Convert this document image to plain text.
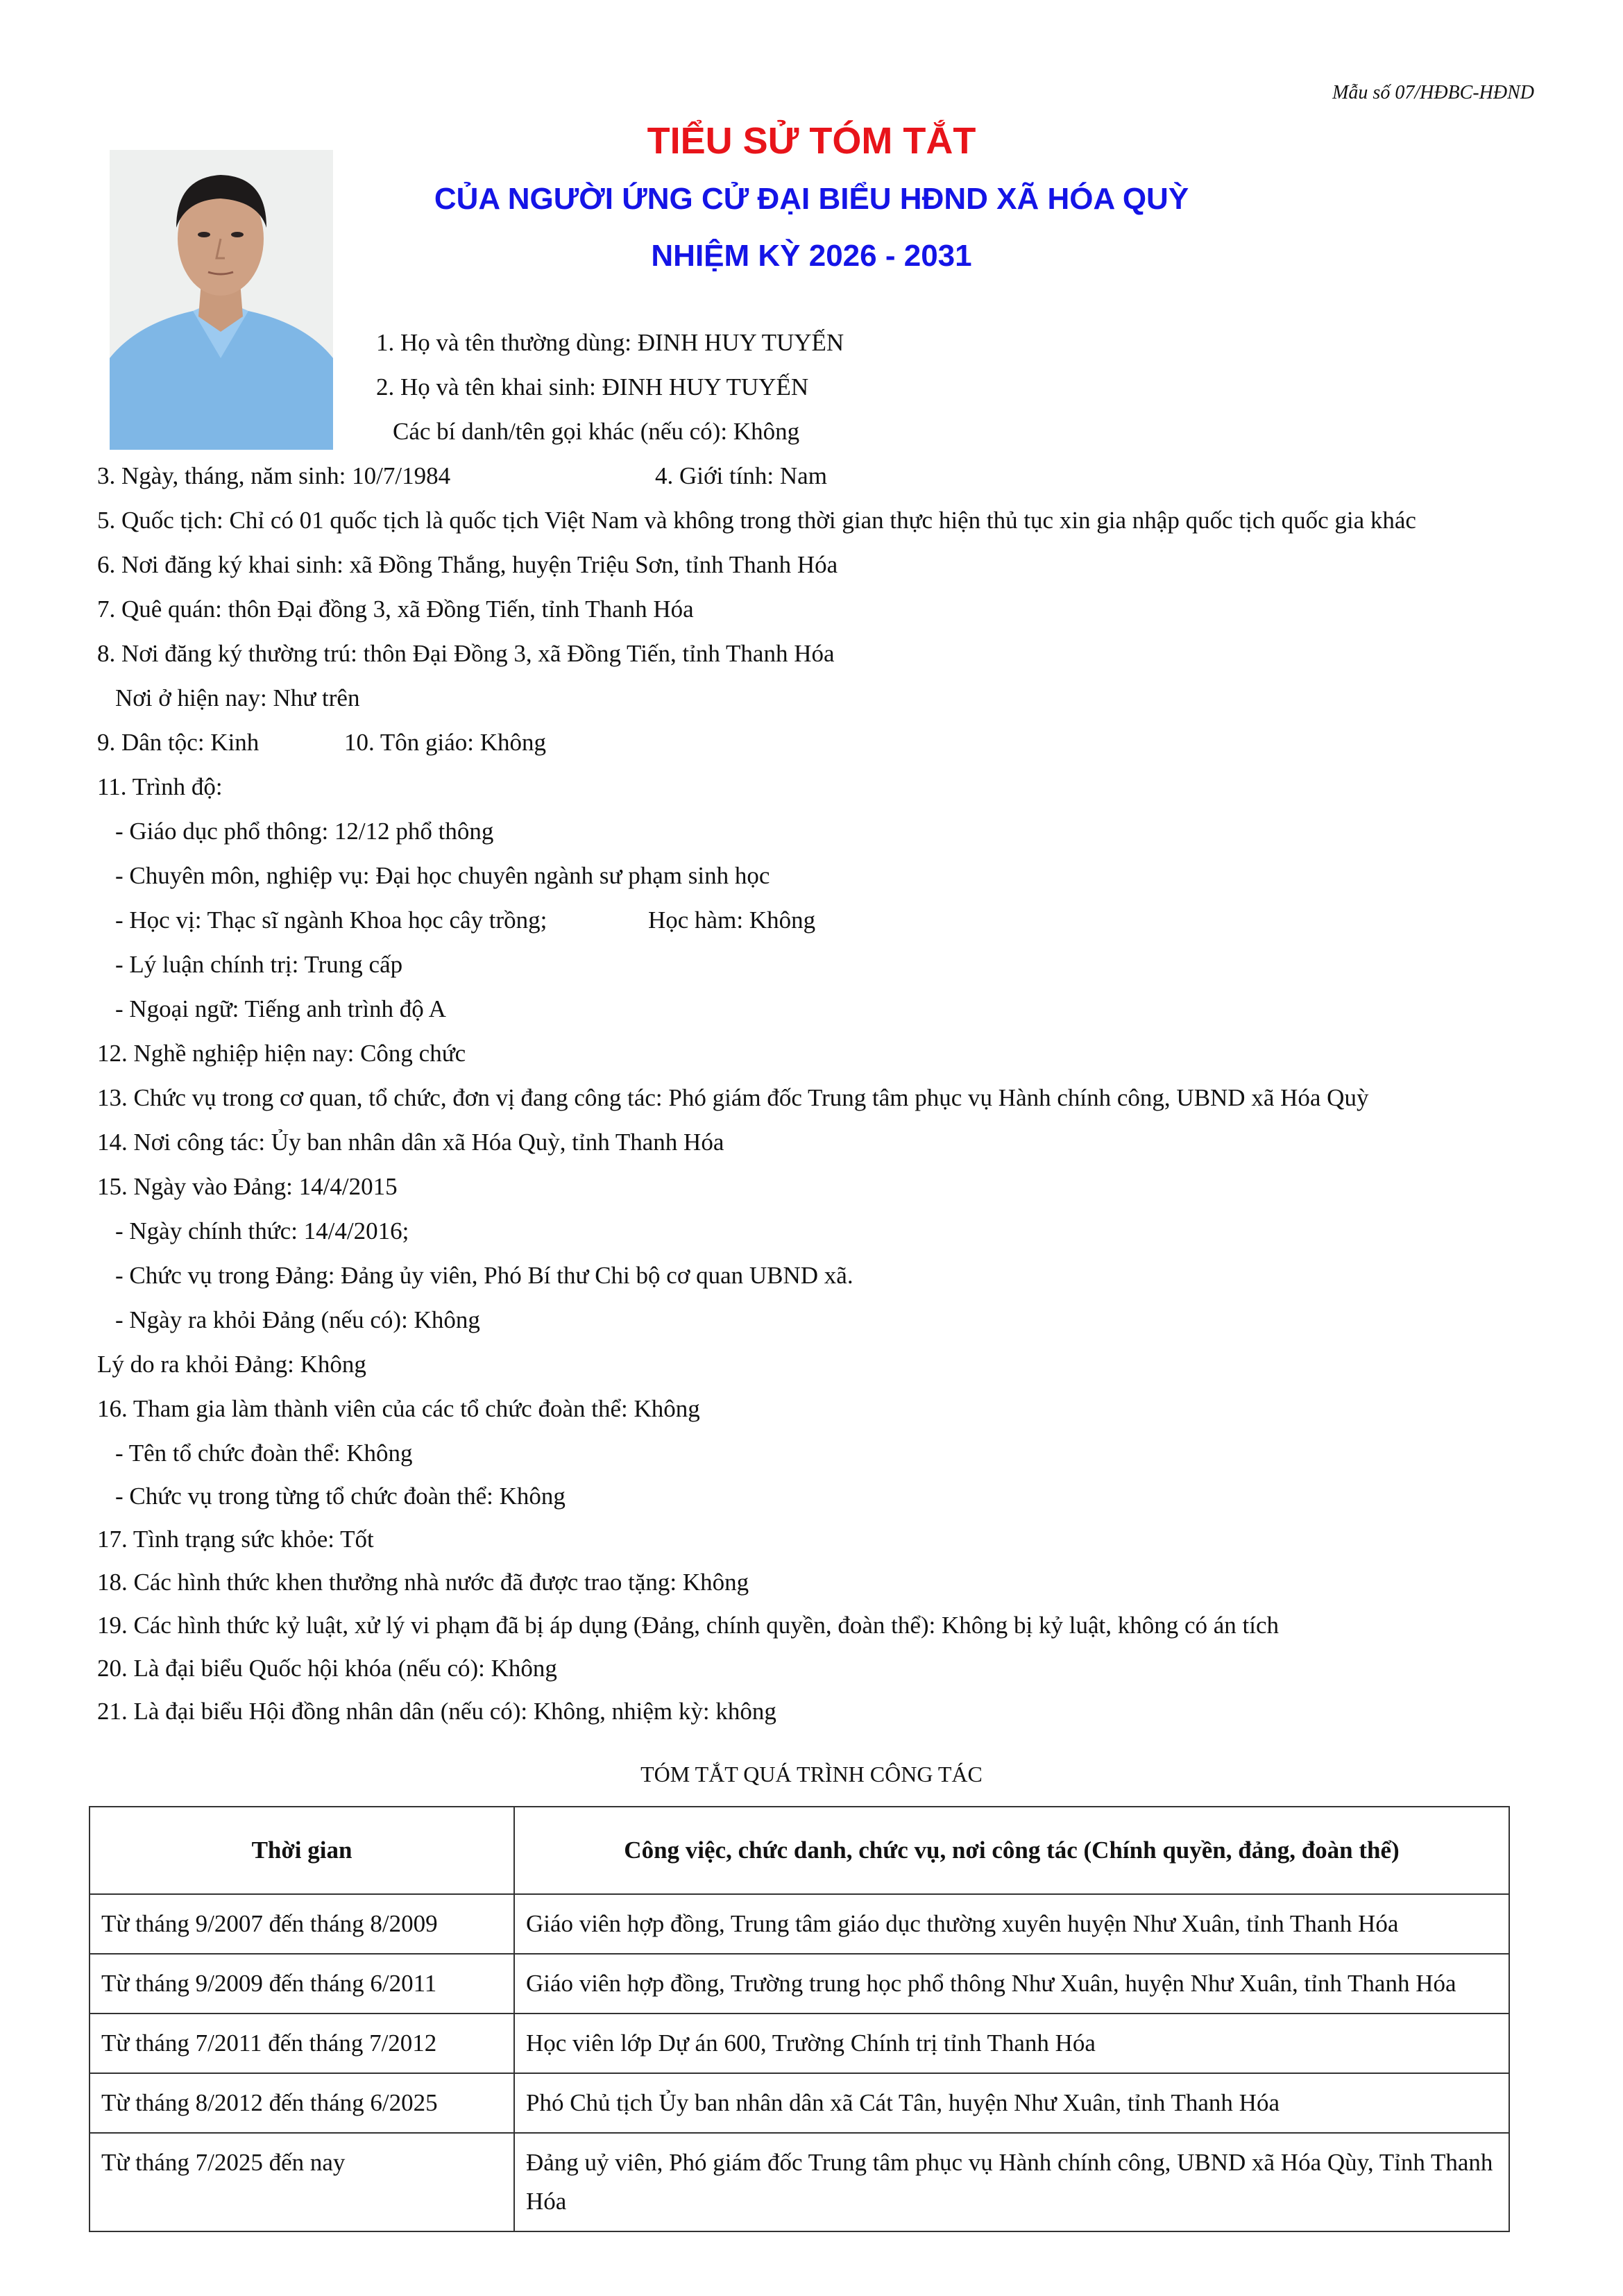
Mẫu số 07/HĐBC-HĐND
TIỂU SỬ TÓM TẮT
CỦA NGƯỜI ỨNG CỬ ĐẠI BIỂU HĐND XÃ HÓA QUỲ
NHIỆM KỲ 2026 - 2031
1. Họ và tên thường dùng: ĐINH HUY TUYẾN
2. Họ và tên khai sinh: ĐINH HUY TUYẾN
Các bí danh/tên gọi khác (nếu có): Không
3. Ngày, tháng, năm sinh: 10/7/1984	4. Giới tính: Nam
5. Quốc tịch: Chỉ có 01 quốc tịch là quốc tịch Việt Nam và không trong thời gian thực hiện thủ tục xin gia nhập quốc tịch quốc gia khác
6. Nơi đăng ký khai sinh: xã Đồng Thắng, huyện Triệu Sơn, tỉnh Thanh Hóa
7. Quê quán: thôn Đại đồng 3, xã Đồng Tiến, tỉnh Thanh Hóa
8. Nơi đăng ký thường trú: thôn Đại Đồng 3, xã Đồng Tiến, tỉnh Thanh Hóa
Nơi ở hiện nay: Như trên
9. Dân tộc: Kinh	10. Tôn giáo: Không
11. Trình độ:
- Giáo dục phổ thông: 12/12 phổ thông
- Chuyên môn, nghiệp vụ: Đại học chuyên ngành sư phạm sinh học
- Học vị: Thạc sĩ ngành Khoa học cây trồng;	Học hàm: Không
- Lý luận chính trị: Trung cấp
- Ngoại ngữ: Tiếng anh trình độ A
12. Nghề nghiệp hiện nay: Công chức
13. Chức vụ trong cơ quan, tổ chức, đơn vị đang công tác: Phó giám đốc Trung tâm phục vụ Hành chính công, UBND xã Hóa Quỳ
14. Nơi công tác: Ủy ban nhân dân xã Hóa Quỳ, tỉnh Thanh Hóa
15. Ngày vào Đảng: 14/4/2015
- Ngày chính thức: 14/4/2016;
- Chức vụ trong Đảng: Đảng ủy viên, Phó Bí thư Chi bộ cơ quan UBND xã.
- Ngày ra khỏi Đảng (nếu có): Không
Lý do ra khỏi Đảng: Không
16. Tham gia làm thành viên của các tổ chức đoàn thể: Không
- Tên tổ chức đoàn thể: Không
- Chức vụ trong từng tổ chức đoàn thể: Không
17. Tình trạng sức khỏe: Tốt
18. Các hình thức khen thưởng nhà nước đã được trao tặng: Không
19. Các hình thức kỷ luật, xử lý vi phạm đã bị áp dụng (Đảng, chính quyền, đoàn thể): Không bị kỷ luật, không có án tích
20. Là đại biểu Quốc hội khóa (nếu có): Không
21. Là đại biểu Hội đồng nhân dân (nếu có): Không, nhiệm kỳ: không
TÓM TẮT QUÁ TRÌNH CÔNG TÁC
Thời gian	Công việc, chức danh, chức vụ, nơi công tác (Chính quyền, đảng, đoàn thể)
Từ tháng 9/2007 đến tháng 8/2009	Giáo viên hợp đồng, Trung tâm giáo dục thường xuyên huyện Như Xuân, tỉnh Thanh Hóa
Từ tháng 9/2009 đến tháng 6/2011	Giáo viên hợp đồng, Trường trung học phổ thông Như Xuân, huyện Như Xuân, tỉnh Thanh Hóa
Từ tháng 7/2011 đến tháng 7/2012	Học viên lớp Dự án 600, Trường Chính trị tỉnh Thanh Hóa
Từ tháng 8/2012 đến tháng 6/2025	Phó Chủ tịch Ủy ban nhân dân xã Cát Tân, huyện Như Xuân, tỉnh Thanh Hóa
Từ tháng 7/2025 đến nay	Đảng uỷ viên, Phó giám đốc Trung tâm phục vụ Hành chính công, UBND xã Hóa Qùy, Tỉnh Thanh Hóa
